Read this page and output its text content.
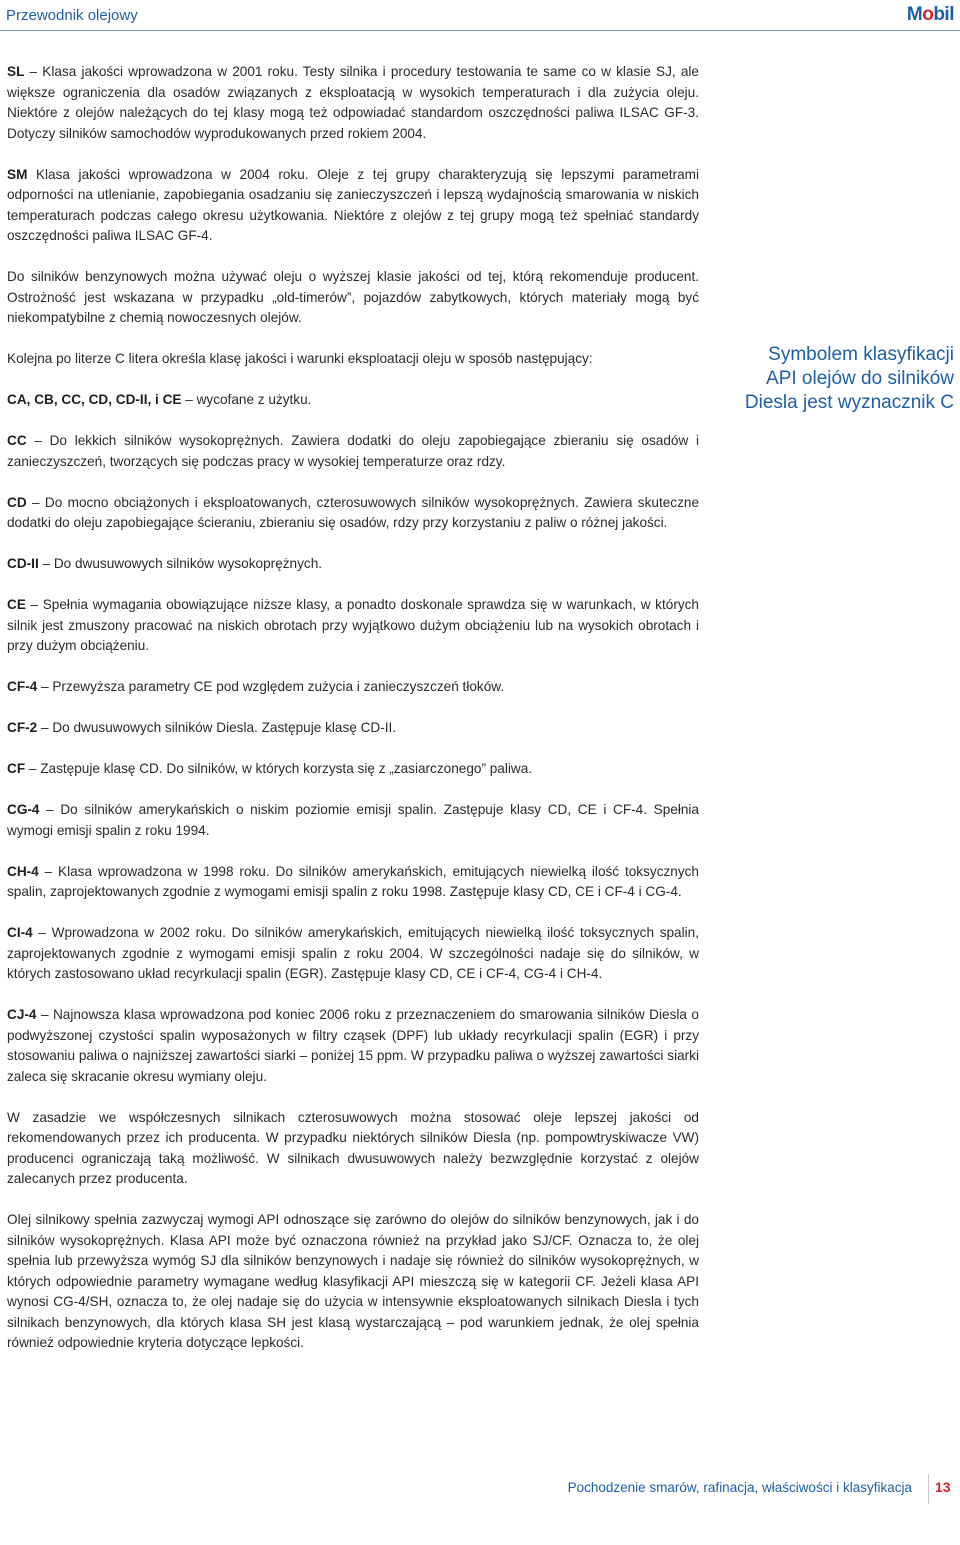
Przewodnik olejowy	Mobil

SL – Klasa jakości wprowadzona w 2001 roku. Testy silnika i procedury testowania te same co w klasie SJ, ale większe ograniczenia dla osadów związanych z eksploatacją w wysokich temperaturach i dla zużycia oleju. Niektóre z olejów należących do tej klasy mogą też odpowiadać standardom oszczędności paliwa ILSAC GF-3. Dotyczy silników samochodów wyprodukowanych przed rokiem 2004.

SM Klasa jakości wprowadzona w 2004 roku. Oleje z tej grupy charakteryzują się lepszymi parametrami odporności na utlenianie, zapobiegania osadzaniu się zanieczyszczeń i lepszą wydajnością smarowania w niskich temperaturach podczas całego okresu użytkowania. Niektóre z olejów z tej grupy mogą też spełniać standardy oszczędności paliwa ILSAC GF-4.

Do silników benzynowych można używać oleju o wyższej klasie jakości od tej, którą rekomenduje producent. Ostrożność jest wskazana w przypadku „old-timerów”, pojazdów zabytkowych, których materiały mogą być niekompatybilne z chemią nowoczesnych olejów.

Kolejna po literze C litera określa klasę jakości i warunki eksploatacji oleju w sposób następujący:

CA, CB, CC, CD, CD-II, i CE – wycofane z użytku.

CC – Do lekkich silników wysokoprężnych. Zawiera dodatki do oleju zapobiegające zbieraniu się osadów i zanieczyszczeń, tworzących się podczas pracy w wysokiej temperaturze oraz rdzy.

CD – Do mocno obciążonych i eksploatowanych, czterosuwowych silników wysokoprężnych. Zawiera skuteczne dodatki do oleju zapobiegające ścieraniu, zbieraniu się osadów, rdzy przy korzystaniu z paliw o różnej jakości.

CD-II – Do dwusuwowych silników wysokoprężnych.

CE – Spełnia wymagania obowiązujące niższe klasy, a ponadto doskonale sprawdza się w warunkach, w których silnik jest zmuszony pracować na niskich obrotach przy wyjątkowo dużym obciążeniu lub na wysokich obrotach i przy dużym obciążeniu.

CF-4 – Przewyższa parametry CE pod względem zużycia i zanieczyszczeń tłoków.

CF-2 – Do dwusuwowych silników Diesla. Zastępuje klasę CD-II.

CF – Zastępuje klasę CD. Do silników, w których korzysta się z „zasiarczonego” paliwa.

CG-4 – Do silników amerykańskich o niskim poziomie emisji spalin. Zastępuje klasy CD, CE i CF-4. Spełnia wymogi emisji spalin z roku 1994.

CH-4 – Klasa wprowadzona w 1998 roku. Do silników amerykańskich, emitujących niewielką ilość toksycznych spalin, zaprojektowanych zgodnie z wymogami emisji spalin z roku 1998. Zastępuje klasy CD, CE i CF-4 i CG-4.

CI-4 – Wprowadzona w 2002 roku. Do silników amerykańskich, emitujących niewielką ilość toksycznych spalin, zaprojektowanych zgodnie z wymogami emisji spalin z roku 2004. W szczególności nadaje się do silników, w których zastosowano układ recyrkulacji spalin (EGR). Zastępuje klasy CD, CE i CF-4, CG-4 i CH-4.

CJ-4 – Najnowsza klasa wprowadzona pod koniec 2006 roku z przeznaczeniem do smarowania silników Diesla o podwyższonej czystości spalin wyposażonych w filtry cząsek (DPF) lub układy recyrkulacji spalin (EGR) i przy stosowaniu paliwa o najniższej zawartości siarki – poniżej 15 ppm. W przypadku paliwa o wyższej zawartości siarki zaleca się skracanie okresu wymiany oleju.

W zasadzie we współczesnych silnikach czterosuwowych można stosować oleje lepszej jakości od rekomendowanych przez ich producenta. W przypadku niektórych silników Diesla (np. pompowtryskiwacze VW) producenci ograniczają taką możliwość. W silnikach dwusuwowych należy bezwzględnie korzystać z olejów zalecanych przez producenta.

Olej silnikowy spełnia zazwyczaj wymogi API odnoszące się zarówno do olejów do silników benzynowych, jak i do silników wysokoprężnych. Klasa API może być oznaczona również na przykład jako SJ/CF. Oznacza to, że olej spełnia lub przewyższa wymóg SJ dla silników benzynowych i nadaje się również do silników wysokoprężnych, w których odpowiednie parametry wymagane według klasyfikacji API mieszczą się w kategorii CF. Jeżeli klasa API wynosi CG-4/SH, oznacza to, że olej nadaje się do użycia w intensywnie eksploatowanych silnikach Diesla i tych silnikach benzynowych, dla których klasa SH jest klasą wystarczającą – pod warunkiem jednak, że olej spełnia również odpowiednie kryteria dotyczące lepkości.

Symbolem klasyfikacji
API olejów do silników
Diesla jest wyznacznik C
Pochodzenie smarów, rafinacja, właściwości i klasyfikacja 13
